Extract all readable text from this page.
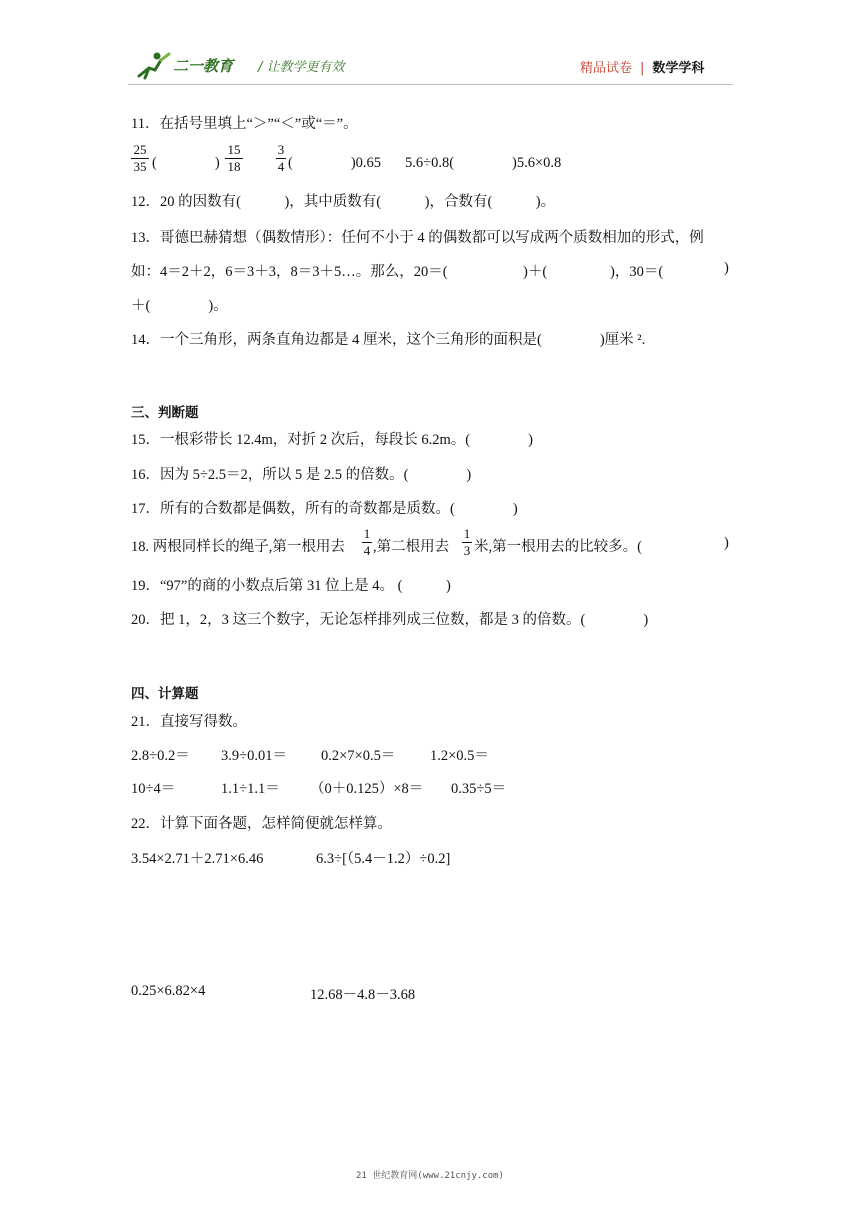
二一教育 / 让教学更有效	精品试卷 | 数学学科
11．在括号里填上“＞”“＜”或“＝”。
25
35 (　　　　)
15
18
3
4 (　　　　)0.65 5.6÷0.8(　　　　)5.6×0.8
12．20 的因数有(　　　)，其中质数有(　　　)，合数有(　　　)。
13．哥德巴赫猜想（偶数情形）：任何不小于 4 的偶数都可以写成两个质数相加的形式，例
如：4＝2＋2，6＝3＋3，8＝3＋5…。那么，20＝(	)＋(	)，30＝(	)
＋(　　　　)。
14．一个三角形，两条直角边都是 4 厘米，这个三角形的面积是(　　　　)厘米 ².
三、判断题
15．一根彩带长 12.4m，对折 2 次后，每段长 6.2m。(　　　　)
16．因为 5÷2.5＝2，所以 5 是 2.5 的倍数。(　　　　)
17．所有的合数都是偶数，所有的奇数都是质数。(　　　　)
18. 两根同样长的绳子,第一根用去
1
4 ,第二根用去
1
3 米,第一根用去的比较多。(	)
19．“97”的商的小数点后第 31 位上是 4。 (　　　)
20．把 1，2，3 这三个数字，无论怎样排列成三位数，都是 3 的倍数。(　　　　)
四、计算题
21．直接写得数。
2.8÷0.2＝ 3.9÷0.01＝ 0.2×7×0.5＝ 1.2×0.5＝
10÷4＝	1.1÷1.1＝ （0＋0.125）×8＝ 0.35÷5＝
22．计算下面各题，怎样简便就怎样算。
3.54×2.71＋2.71×6.46	6.3÷[（5.4－1.2）÷0.2]
0.25×6.82×4	12.68－4.8－3.68
21 世纪教育网(www.21cnjy.com)
